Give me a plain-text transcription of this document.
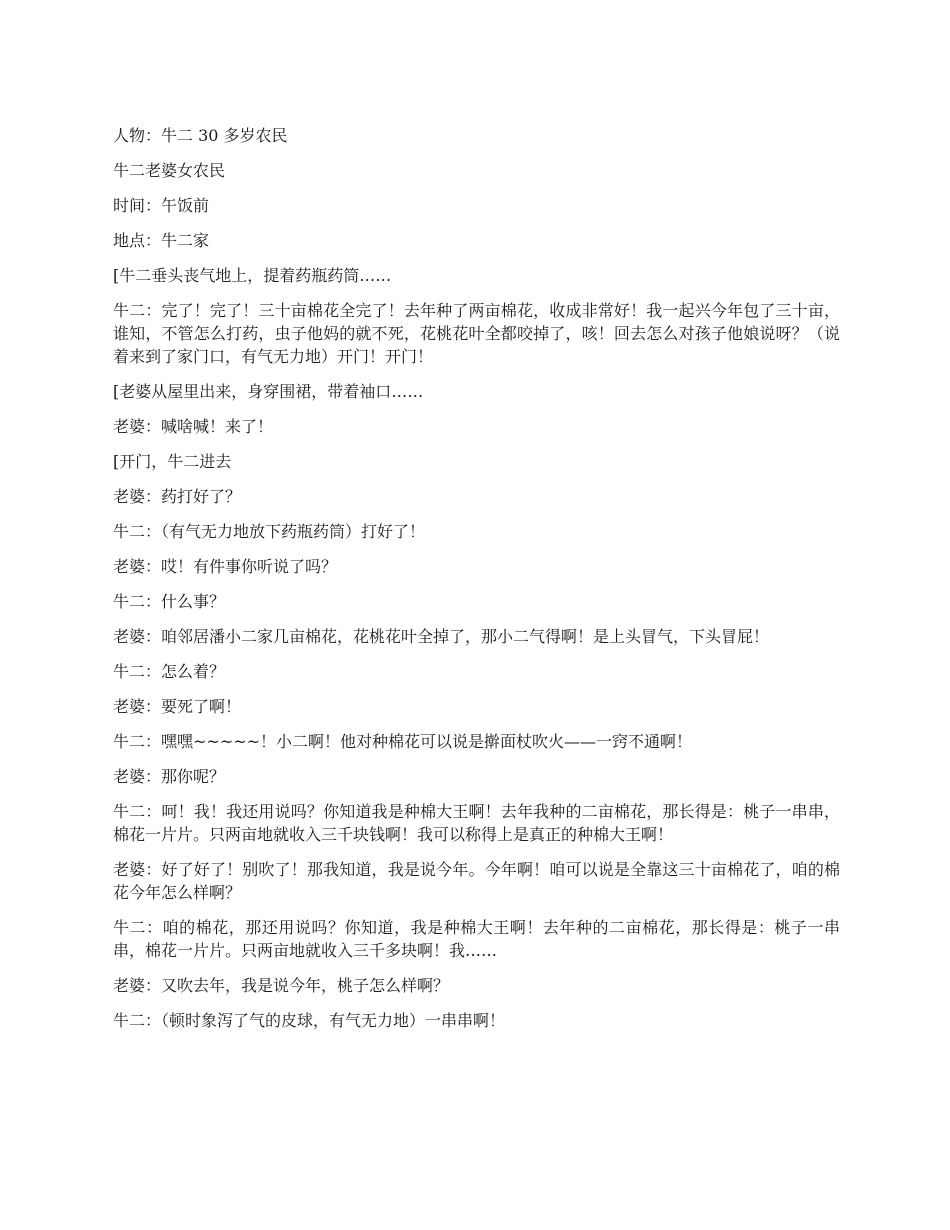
人物：牛二 30 多岁农民

牛二老婆女农民

时间：午饭前

地点：牛二家

[牛二垂头丧气地上，提着药瓶药筒……

牛二：完了！完了！三十亩棉花全完了！去年种了两亩棉花，收成非常好！我一起兴今年包了三十亩，谁知，不管怎么打药，虫子他妈的就不死，花桃花叶全都咬掉了，咳！回去怎么对孩子他娘说呀？（说着来到了家门口，有气无力地）开门！开门！

[老婆从屋里出来，身穿围裙，带着袖口……

老婆：喊啥喊！来了！

[开门，牛二进去

老婆：药打好了？

牛二：（有气无力地放下药瓶药筒）打好了！

老婆：哎！有件事你听说了吗？

牛二：什么事？

老婆：咱邻居潘小二家几亩棉花，花桃花叶全掉了，那小二气得啊！是上头冒气，下头冒屁！

牛二：怎么着？

老婆：要死了啊！

牛二：嘿嘿~~~~~！小二啊！他对种棉花可以说是擀面杖吹火——一窍不通啊！

老婆：那你呢？

牛二：呵！我！我还用说吗？你知道我是种棉大王啊！去年我种的二亩棉花，那长得是：桃子一串串，棉花一片片。只两亩地就收入三千块钱啊！我可以称得上是真正的种棉大王啊！

老婆：好了好了！别吹了！那我知道，我是说今年。今年啊！咱可以说是全靠这三十亩棉花了，咱的棉花今年怎么样啊？

牛二：咱的棉花，那还用说吗？你知道，我是种棉大王啊！去年种的二亩棉花，那长得是：桃子一串串，棉花一片片。只两亩地就收入三千多块啊！我……

老婆：又吹去年，我是说今年，桃子怎么样啊？

牛二：（顿时象泻了气的皮球，有气无力地）一串串啊！
